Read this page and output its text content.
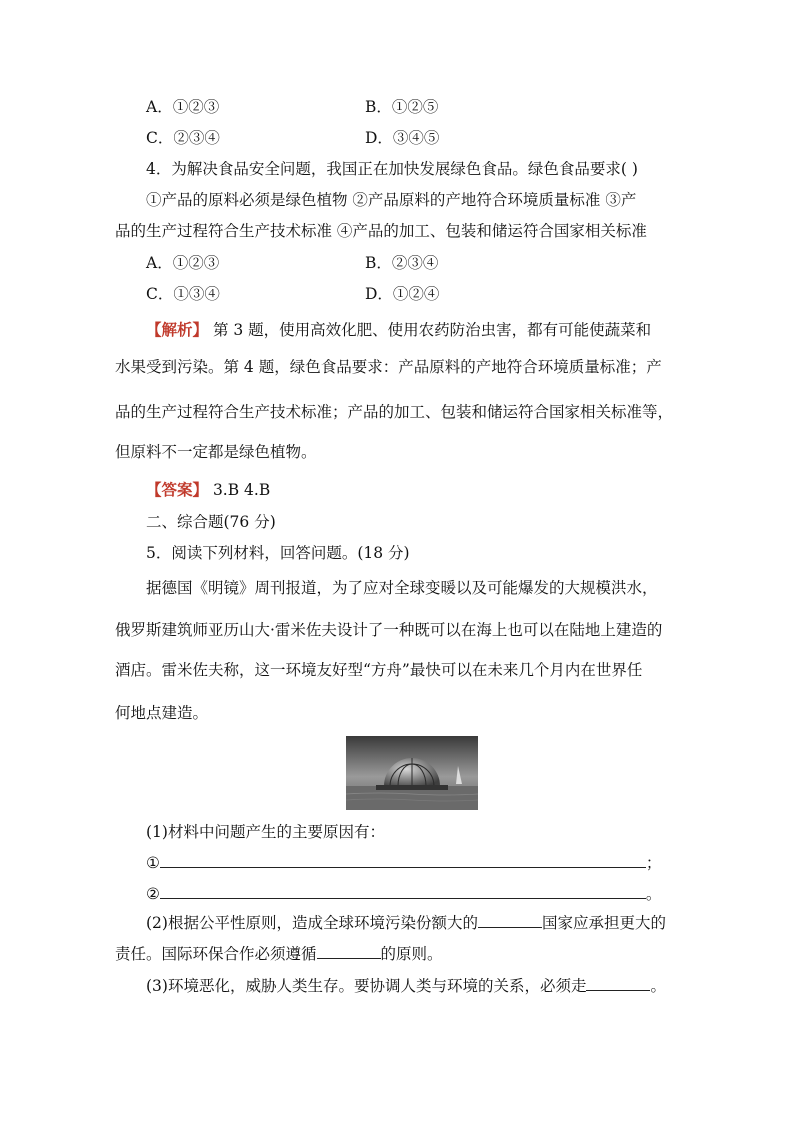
A．①②③	B．①②⑤
C．②③④	D．③④⑤
4．为解决食品安全问题，我国正在加快发展绿色食品。绿色食品要求( )
①产品的原料必须是绿色植物 ②产品原料的产地符合环境质量标准 ③产
品的生产过程符合生产技术标准 ④产品的加工、包装和储运符合国家相关标准
A．①②③	B．②③④
C．①③④	D．①②④
【解析】 第 3 题，使用高效化肥、使用农药防治虫害，都有可能使蔬菜和
水果受到污染。第 4 题，绿色食品要求：产品原料的产地符合环境质量标准；产
品的生产过程符合生产技术标准；产品的加工、包装和储运符合国家相关标准等，
但原料不一定都是绿色植物。
【答案】 3.B 4.B
二、综合题(76 分)
5．阅读下列材料，回答问题。(18 分)
据德国《明镜》周刊报道，为了应对全球变暖以及可能爆发的大规模洪水，
俄罗斯建筑师亚历山大·雷米佐夫设计了一种既可以在海上也可以在陆地上建造的
酒店。雷米佐夫称，这一环境友好型“方舟”最快可以在未来几个月内在世界任
何地点建造。
(1)材料中问题产生的主要原因有：
①	；
②	。
(2)根据公平性原则，造成全球环境污染份额大的	国家应承担更大的
责任。国际环保合作必须遵循	的原则。
(3)环境恶化，威胁人类生存。要协调人类与环境的关系，必须走	。
